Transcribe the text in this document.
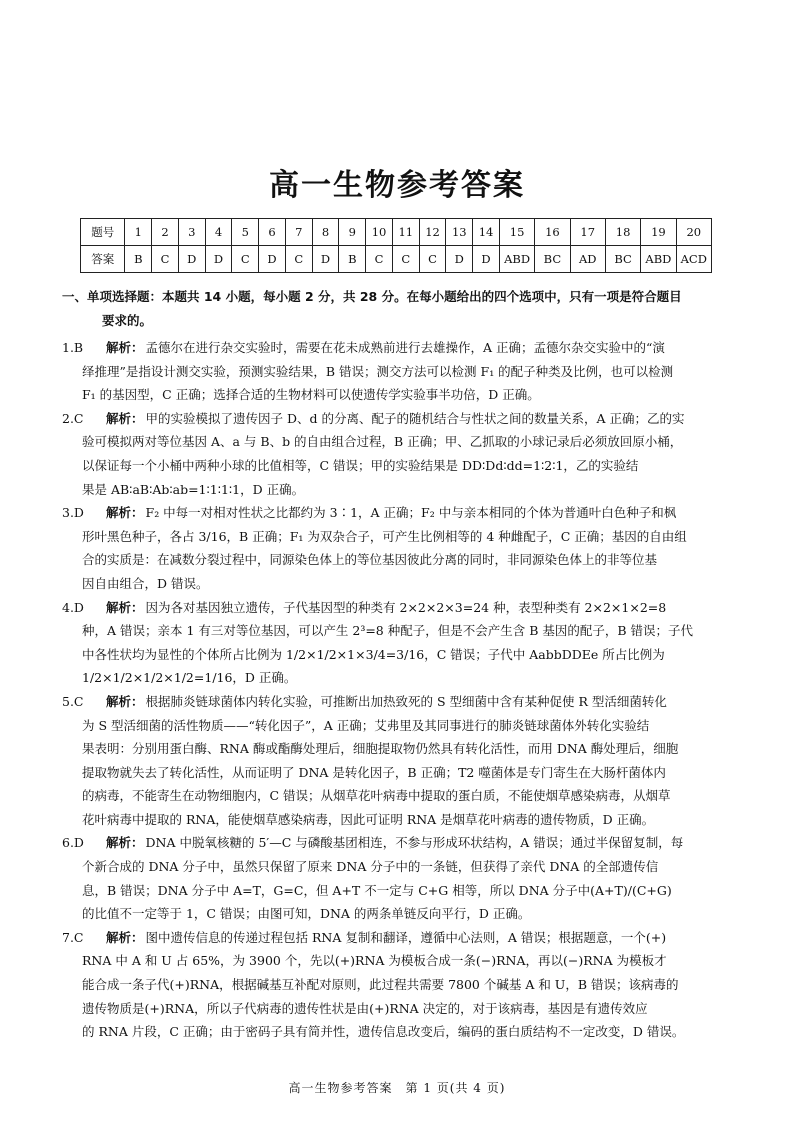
高一生物参考答案
题号	1	2	3	4	5	6	7	8	9	10	11	12	13	14	15	16	17	18	19	20
答案	B	C	D	D	C	D	C	D	B	C	C	C	D	D	ABD	BC	AD	BC	ABD	ACD
一、单项选择题：本题共 14 小题，每小题 2 分，共 28 分。在每小题给出的四个选项中，只有一项是符合题目
要求的。
1.B 解析： 孟德尔在进行杂交实验时，需要在花未成熟前进行去雄操作，A 正确；孟德尔杂交实验中的“演
绎推理”是指设计测交实验，预测实验结果，B 错误；测交方法可以检测 F₁ 的配子种类及比例，也可以检测
F₁ 的基因型，C 正确；选择合适的生物材料可以使遗传学实验事半功倍，D 正确。
2.C 解析： 甲的实验模拟了遗传因子 D、d 的分离、配子的随机结合与性状之间的数量关系，A 正确；乙的实
验可模拟两对等位基因 A、a 与 B、b 的自由组合过程，B 正确；甲、乙抓取的小球记录后必须放回原小桶，
以保证每一个小桶中两种小球的比值相等，C 错误；甲的实验结果是 DD∶Dd∶dd=1∶2∶1，乙的实验结
果是 AB∶aB∶Ab∶ab=1∶1∶1∶1，D 正确。
3.D 解析： F₂ 中每一对相对性状之比都约为 3∶1，A 正确；F₂ 中与亲本相同的个体为普通叶白色种子和枫
形叶黑色种子，各占 3/16，B 正确；F₁ 为双杂合子，可产生比例相等的 4 种雌配子，C 正确；基因的自由组
合的实质是：在减数分裂过程中，同源染色体上的等位基因彼此分离的同时，非同源染色体上的非等位基
因自由组合，D 错误。
4.D 解析： 因为各对基因独立遗传，子代基因型的种类有 2×2×2×3=24 种，表型种类有 2×2×1×2=8
种，A 错误；亲本 1 有三对等位基因，可以产生 2³=8 种配子，但是不会产生含 B 基因的配子，B 错误；子代
中各性状均为显性的个体所占比例为 1/2×1/2×1×3/4=3/16，C 错误；子代中 AabbDDEe 所占比例为
1/2×1/2×1/2×1/2=1/16，D 正确。
5.C 解析： 根据肺炎链球菌体内转化实验，可推断出加热致死的 S 型细菌中含有某种促使 R 型活细菌转化
为 S 型活细菌的活性物质——“转化因子”，A 正确；艾弗里及其同事进行的肺炎链球菌体外转化实验结
果表明：分别用蛋白酶、RNA 酶或酯酶处理后，细胞提取物仍然具有转化活性，而用 DNA 酶处理后，细胞
提取物就失去了转化活性，从而证明了 DNA 是转化因子，B 正确；T2 噬菌体是专门寄生在大肠杆菌体内
的病毒，不能寄生在动物细胞内，C 错误；从烟草花叶病毒中提取的蛋白质，不能使烟草感染病毒，从烟草
花叶病毒中提取的 RNA，能使烟草感染病毒，因此可证明 RNA 是烟草花叶病毒的遗传物质，D 正确。
6.D 解析： DNA 中脱氧核糖的 5′—C 与磷酸基团相连，不参与形成环状结构，A 错误；通过半保留复制，每
个新合成的 DNA 分子中，虽然只保留了原来 DNA 分子中的一条链，但获得了亲代 DNA 的全部遗传信
息，B 错误；DNA 分子中 A=T，G=C，但 A+T 不一定与 C+G 相等，所以 DNA 分子中(A+T)/(C+G)
的比值不一定等于 1，C 错误；由图可知，DNA 的两条单链反向平行，D 正确。
7.C 解析： 图中遗传信息的传递过程包括 RNA 复制和翻译，遵循中心法则，A 错误；根据题意，一个(+)
RNA 中 A 和 U 占 65%，为 3900 个，先以(+)RNA 为模板合成一条(−)RNA，再以(−)RNA 为模板才
能合成一条子代(+)RNA，根据碱基互补配对原则，此过程共需要 7800 个碱基 A 和 U，B 错误；该病毒的
遗传物质是(+)RNA，所以子代病毒的遗传性状是由(+)RNA 决定的，对于该病毒，基因是有遗传效应
的 RNA 片段，C 正确；由于密码子具有简并性，遗传信息改变后，编码的蛋白质结构不一定改变，D 错误。
高一生物参考答案　第 1 页(共 4 页)
